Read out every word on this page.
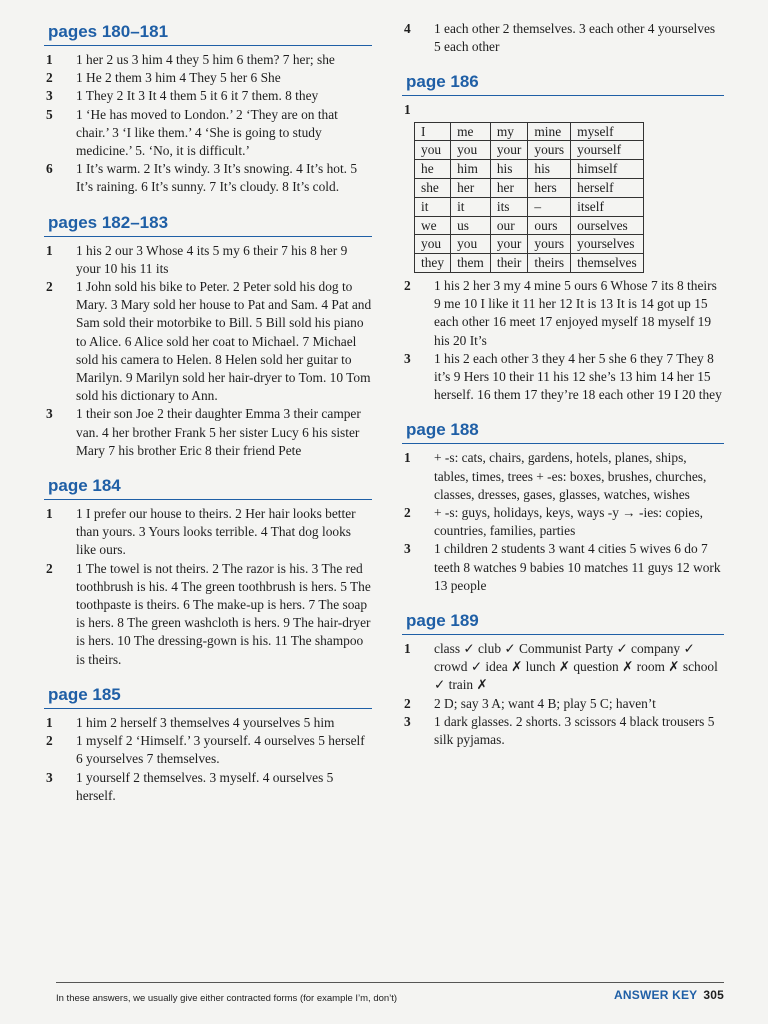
pages 180–181
1	1 her 2 us 3 him 4 they 5 him 6 them? 7 her; she
2	1 He 2 them 3 him 4 They 5 her 6 She
3	1 They 2 It 3 It 4 them 5 it 6 it 7 them. 8 they
5	1 ‘He has moved to London.’ 2 ‘They are on that chair.’ 3 ‘I like them.’ 4 ‘She is going to study medicine.’ 5. ‘No, it is difficult.’
6	1 It’s warm. 2 It’s windy. 3 It’s snowing. 4 It’s hot. 5 It’s raining. 6 It’s sunny. 7 It’s cloudy. 8 It’s cold.
pages 182–183
1	1 his 2 our 3 Whose 4 its 5 my 6 their 7 his 8 her 9 your 10 his 11 its
2	1 John sold his bike to Peter. 2 Peter sold his dog to Mary. 3 Mary sold her house to Pat and Sam. 4 Pat and Sam sold their motorbike to Bill. 5 Bill sold his piano to Alice. 6 Alice sold her coat to Michael. 7 Michael sold his camera to Helen. 8 Helen sold her guitar to Marilyn. 9 Marilyn sold her hair-dryer to Tom. 10 Tom sold his dictionary to Ann.
3	1 their son Joe 2 their daughter Emma 3 their camper van. 4 her brother Frank 5 her sister Lucy 6 his sister Mary 7 his brother Eric 8 their friend Pete
page 184
1	1 I prefer our house to theirs. 2 Her hair looks better than yours. 3 Yours looks terrible. 4 That dog looks like ours.
2	1 The towel is not theirs. 2 The razor is his. 3 The red toothbrush is his. 4 The green toothbrush is hers. 5 The toothpaste is theirs. 6 The make-up is hers. 7 The soap is hers. 8 The green washcloth is hers. 9 The hair-dryer is hers. 10 The dressing-gown is his. 11 The shampoo is theirs.
page 185
1	1 him 2 herself 3 themselves 4 yourselves 5 him
2	1 myself 2 ‘Himself.’ 3 yourself. 4 ourselves 5 herself 6 yourselves 7 themselves.
3	1 yourself 2 themselves. 3 myself. 4 ourselves 5 herself.
4	1 each other 2 themselves. 3 each other 4 yourselves 5 each other
page 186
1
I	me	my	mine	myself
you	you	your	yours	yourself
he	him	his	his	himself
she	her	her	hers	herself
it	it	its	–	itself
we	us	our	ours	ourselves
you	you	your	yours	yourselves
they	them	their	theirs	themselves
2	1 his 2 her 3 my 4 mine 5 ours 6 Whose 7 its 8 theirs 9 me 10 I like it 11 her 12 It is 13 It is 14 got up 15 each other 16 meet 17 enjoyed myself 18 myself 19 his 20 It’s
3	1 his 2 each other 3 they 4 her 5 she 6 they 7 They 8 it’s 9 Hers 10 their 11 his 12 she’s 13 him 14 her 15 herself. 16 them 17 they’re 18 each other 19 I 20 they
page 188
1	+ -s: cats, chairs, gardens, hotels, planes, ships, tables, times, trees + -es: boxes, brushes, churches, classes, dresses, gases, glasses, watches, wishes
2	+ -s: guys, holidays, keys, ways -y → -ies: copies, countries, families, parties
3	1 children 2 students 3 want 4 cities 5 wives 6 do 7 teeth 8 watches 9 babies 10 matches 11 guys 12 work 13 people
page 189
1	class ✓ club ✓ Communist Party ✓ company ✓ crowd ✓ idea ✗ lunch ✗ question ✗ room ✗ school ✓ train ✗
2	2 D; say 3 A; want 4 B; play 5 C; haven’t
3	1 dark glasses. 2 shorts. 3 scissors 4 black trousers 5 silk pyjamas.
In these answers, we usually give either contracted forms (for example I’m, don’t)	ANSWER KEY 305
